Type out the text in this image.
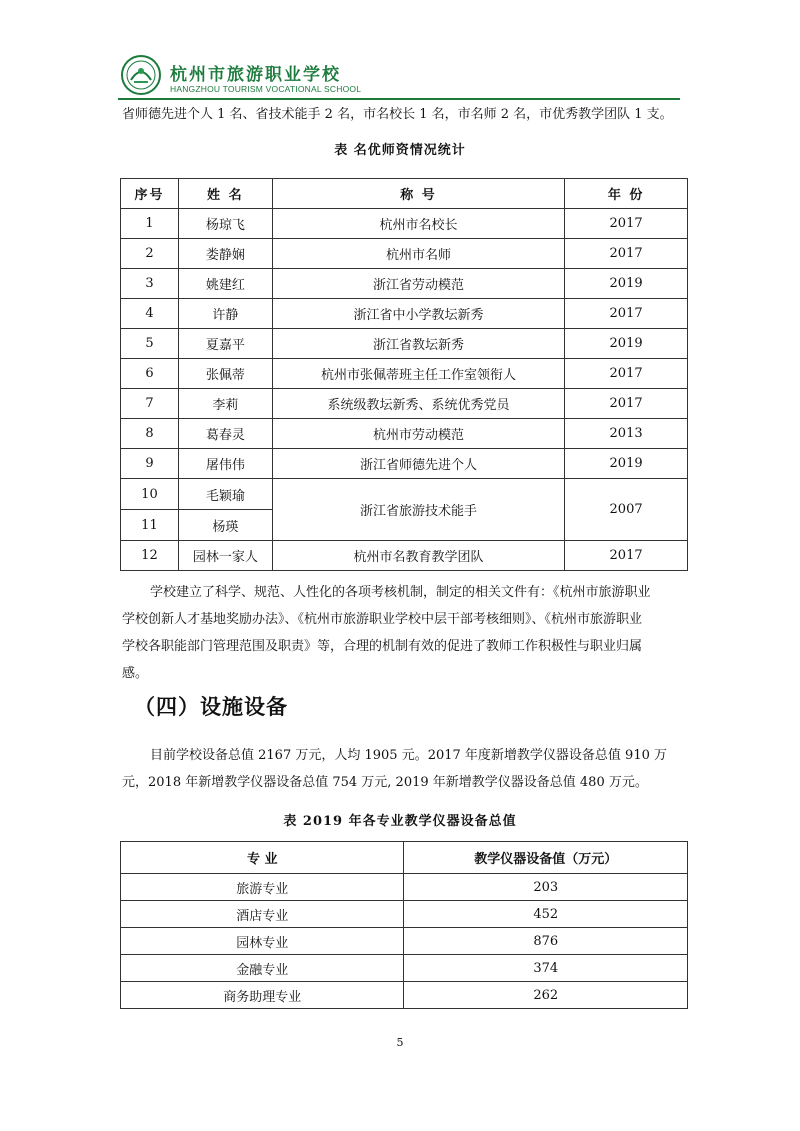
杭州市旅游职业学校
HANGZHOU TOURISM VOCATIONAL SCHOOL
省师德先进个人 1 名、省技术能手 2 名，市名校长 1 名，市名师 2 名，市优秀教学团队 1 支。
表 名优师资情况统计
序号	姓 名	称 号	年 份
1	杨琼飞	杭州市名校长	2017
2	娄静娴	杭州市名师	2017
3	姚建红	浙江省劳动模范	2019
4	许静	浙江省中小学教坛新秀	2017
5	夏嘉平	浙江省教坛新秀	2019
6	张佩蒂	杭州市张佩蒂班主任工作室领衔人	2017
7	李莉	系统级教坛新秀、系统优秀党员	2017
8	葛春灵	杭州市劳动模范	2013
9	屠伟伟	浙江省师德先进个人	2019
10	毛颖瑜	浙江省旅游技术能手	2007
11	杨瑛		
12	园林一家人	杭州市名教育教学团队	2017
学校建立了科学、规范、人性化的各项考核机制，制定的相关文件有：《杭州市旅游职业
学校创新人才基地奖励办法》、《杭州市旅游职业学校中层干部考核细则》、《杭州市旅游职业
学校各职能部门管理范围及职责》等，合理的机制有效的促进了教师工作积极性与职业归属
感。
（四）设施设备
目前学校设备总值 2167 万元，人均 1905 元。2017 年度新增教学仪器设备总值 910 万
元，2018 年新增教学仪器设备总值 754 万元, 2019 年新增教学仪器设备总值 480 万元。
表 2019 年各专业教学仪器设备总值
专 业	教学仪器设备值（万元）
旅游专业	203
酒店专业	452
园林专业	876
金融专业	374
商务助理专业	262
5
